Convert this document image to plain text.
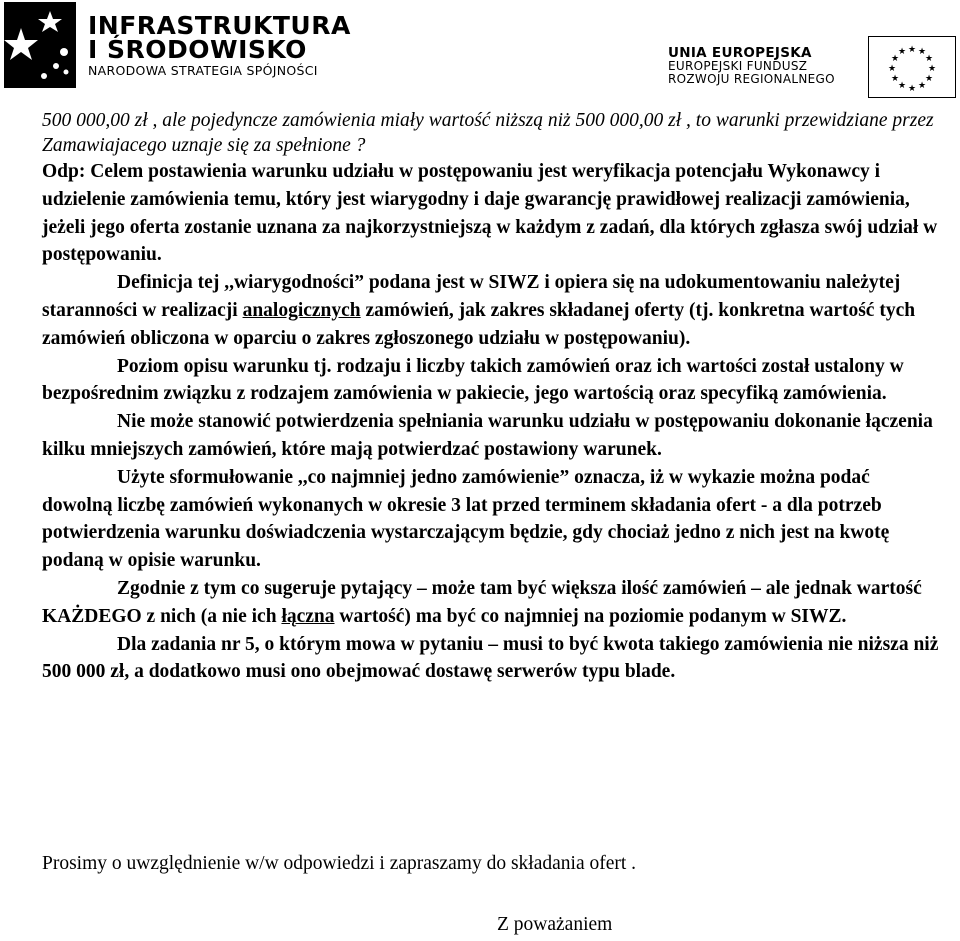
INFRASTRUKTURA
I ŚRODOWISKO
NARODOWA STRATEGIA SPÓJNOŚCI
UNIA EUROPEJSKA
EUROPEJSKI FUNDUSZ
ROZWOJU REGIONALNEGO
★ ★
★
★
★
★
★
★
★
★
★
★

500 000,00 zł , ale pojedyncze zamówienia miały wartość niższą niż 500 000,00 zł , to warunki przewidziane przez Zamawiajacego uznaje się za spełnione ?

Odp: Celem postawienia warunku udziału w postępowaniu jest weryfikacja potencjału Wykonawcy i udzielenie zamówienia temu, który jest wiarygodny i daje gwarancję prawidłowej realizacji zamówienia, jeżeli jego oferta zostanie uznana za najkorzystniejszą w każdym z zadań, dla których zgłasza swój udział w postępowaniu.

Definicja tej ,,wiarygodności” podana jest w SIWZ i opiera się na udokumentowaniu należytej staranności w realizacji analogicznych zamówień, jak zakres składanej oferty (tj. konkretna wartość tych zamówień obliczona w oparciu o zakres zgłoszonego udziału w postępowaniu).

Poziom opisu warunku tj. rodzaju i liczby takich zamówień oraz ich wartości został ustalony w bezpośrednim związku z rodzajem zamówienia w pakiecie, jego wartością oraz specyfiką zamówienia.

Nie może stanowić potwierdzenia spełniania warunku udziału w postępowaniu dokonanie łączenia kilku mniejszych zamówień, które mają potwierdzać postawiony warunek.

Użyte sformułowanie ,,co najmniej jedno zamówienie” oznacza, iż w wykazie można podać dowolną liczbę zamówień wykonanych w okresie 3 lat przed terminem składania ofert - a dla potrzeb potwierdzenia warunku doświadczenia wystarczającym będzie, gdy chociaż jedno z nich jest na kwotę podaną w opisie warunku.

Zgodnie z tym co sugeruje pytający – może tam być większa ilość zamówień – ale jednak wartość KAŻDEGO z nich (a nie ich łączna wartość) ma być co najmniej na poziomie podanym w SIWZ.

Dla zadania nr 5, o którym mowa w pytaniu – musi to być kwota takiego zamówienia nie niższa niż 500 000 zł, a dodatkowo musi ono obejmować dostawę serwerów typu blade.

Prosimy o uwzględnienie w/w odpowiedzi i zapraszamy do składania ofert .
Z poważaniem
